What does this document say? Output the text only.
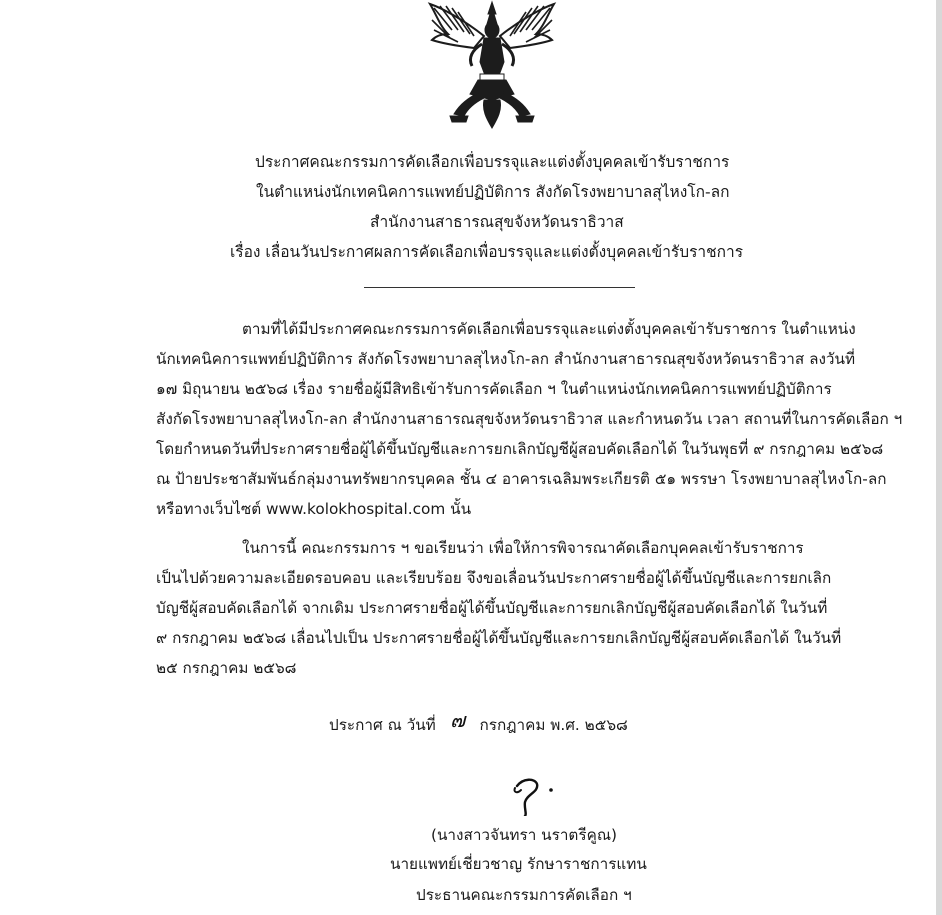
ประกาศคณะกรรมการคัดเลือกเพื่อบรรจุและแต่งตั้งบุคคลเข้ารับราชการ
ในตำแหน่งนักเทคนิคการแพทย์ปฏิบัติการ สังกัดโรงพยาบาลสุไหงโก-ลก
สำนักงานสาธารณสุขจังหวัดนราธิวาส
เรื่อง เลื่อนวันประกาศผลการคัดเลือกเพื่อบรรจุและแต่งตั้งบุคคลเข้ารับราชการ
ตามที่ได้มีประกาศคณะกรรมการคัดเลือกเพื่อบรรจุและแต่งตั้งบุคคลเข้ารับราชการ ในตำแหน่ง
นักเทคนิคการแพทย์ปฏิบัติการ สังกัดโรงพยาบาลสุไหงโก-ลก สำนักงานสาธารณสุขจังหวัดนราธิวาส ลงวันที่
๑๗ มิถุนายน ๒๕๖๘ เรื่อง รายชื่อผู้มีสิทธิเข้ารับการคัดเลือก ฯ ในตำแหน่งนักเทคนิคการแพทย์ปฏิบัติการ
สังกัดโรงพยาบาลสุไหงโก-ลก สำนักงานสาธารณสุขจังหวัดนราธิวาส และกำหนดวัน เวลา สถานที่ในการคัดเลือก ฯ
โดยกำหนดวันที่ประกาศรายชื่อผู้ได้ขึ้นบัญชีและการยกเลิกบัญชีผู้สอบคัดเลือกได้ ในวันพุธที่ ๙ กรกฎาคม ๒๕๖๘
ณ ป้ายประชาสัมพันธ์กลุ่มงานทรัพยากรบุคคล ชั้น ๔ อาคารเฉลิมพระเกียรติ ๕๑ พรรษา โรงพยาบาลสุไหงโก-ลก
หรือทางเว็บไซต์ www.kolokhospital.com นั้น
ในการนี้ คณะกรรมการ ฯ ขอเรียนว่า เพื่อให้การพิจารณาคัดเลือกบุคคลเข้ารับราชการ
เป็นไปด้วยความละเอียดรอบคอบ และเรียบร้อย จึงขอเลื่อนวันประกาศรายชื่อผู้ได้ขึ้นบัญชีและการยกเลิก
บัญชีผู้สอบคัดเลือกได้ จากเดิม ประกาศรายชื่อผู้ได้ขึ้นบัญชีและการยกเลิกบัญชีผู้สอบคัดเลือกได้ ในวันที่
๙ กรกฎาคม ๒๕๖๘ เลื่อนไปเป็น ประกาศรายชื่อผู้ได้ขึ้นบัญชีและการยกเลิกบัญชีผู้สอบคัดเลือกได้ ในวันที่
๒๕ กรกฎาคม ๒๕๖๘
ประกาศ ณ วันที่ ๗ กรกฎาคม พ.ศ. ๒๕๖๘
(นางสาวจันทรา นราตรีคูณ)
นายแพทย์เชี่ยวชาญ รักษาราชการแทน
ประธานคณะกรรมการคัดเลือก ฯ
